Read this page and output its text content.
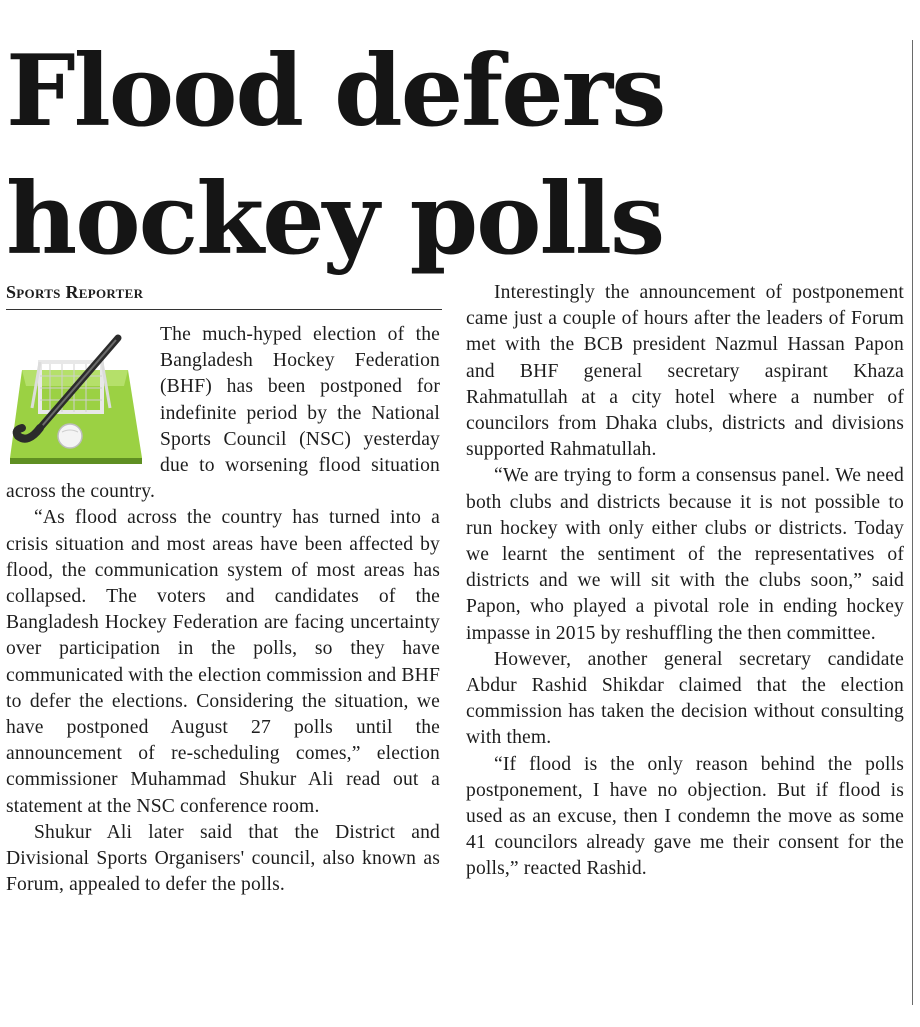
Flood defers hockey polls
Sports Reporter

The much-hyped election of the Bangladesh Hockey Federation (BHF) has been postponed for indefinite period by the National Sports Council (NSC) yesterday due to worsening flood situation across the country.

“As flood across the country has turned into a crisis situation and most areas have been affected by flood, the communication system of most areas has collapsed. The voters and candidates of the Bangladesh Hockey Federation are facing uncertainty over participation in the polls, so they have communicated with the election commission and BHF to defer the elections. Considering the situation, we have postponed August 27 polls until the announcement of re-scheduling comes,” election commissioner Muhammad Shukur Ali read out a statement at the NSC conference room.

Shukur Ali later said that the District and Divisional Sports Organisers' council, also known as Forum, appealed to defer the polls.

Interestingly the announcement of postponement came just a couple of hours after the leaders of Forum met with the BCB president Nazmul Hassan Papon and BHF general secretary aspirant Khaza Rahmatullah at a city hotel where a number of councilors from Dhaka clubs, districts and divisions supported Rahmatullah.

“We are trying to form a consensus panel. We need both clubs and districts because it is not possible to run hockey with only either clubs or districts. Today we learnt the sentiment of the representatives of districts and we will sit with the clubs soon,” said Papon, who played a pivotal role in ending hockey impasse in 2015 by reshuffling the then committee.

However, another general secretary candidate Abdur Rashid Shikdar claimed that the election commission has taken the decision without consulting with them.

“If flood is the only reason behind the polls postponement, I have no objection. But if flood is used as an excuse, then I condemn the move as some 41 councilors already gave me their consent for the polls,” reacted Rashid.
